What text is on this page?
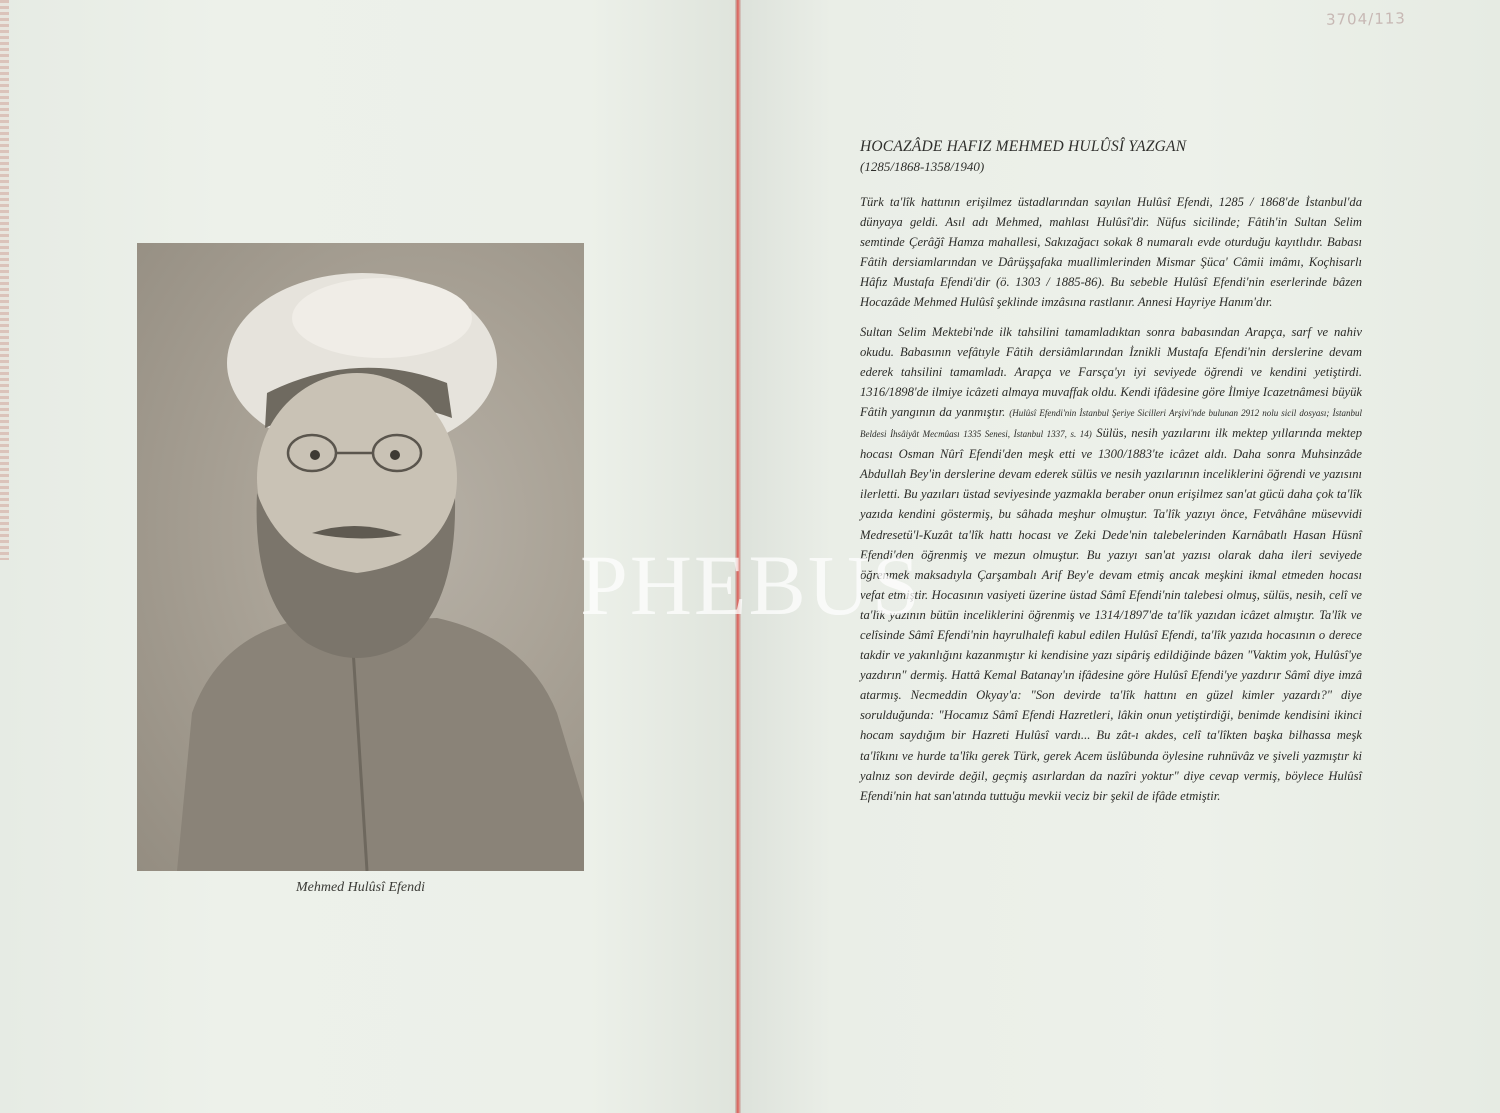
Mehmed Hulûsî Efendi
3704/113
HOCAZÂDE HAFIZ MEHMED HULÛSÎ YAZGAN
(1285/1868-1358/1940)

Türk ta'lîk hattının erişilmez üstadlarından sayılan Hulûsî Efendi, 1285 / 1868'de İstanbul'da dünyaya geldi. Asıl adı Mehmed, mahlası Hulûsî'dir. Nüfus sicilinde; Fâtih'in Sultan Selim semtinde Çerâğî Hamza mahallesi, Sakızağacı sokak 8 numaralı evde oturduğu kayıtlıdır. Babası Fâtih dersiamlarından ve Dârüşşafaka muallimlerinden Mismar Şüca' Câmii imâmı, Koçhisarlı Hâfız Mustafa Efendi'dir (ö. 1303 / 1885-86). Bu sebeble Hulûsî Efendi'nin eserlerinde bâzen Hocazâde Mehmed Hulûsî şeklinde imzâsına rastlanır. Annesi Hayriye Hanım'dır.

Sultan Selim Mektebi'nde ilk tahsilini tamamladıktan sonra babasından Arapça, sarf ve nahiv okudu. Babasının vefâtıyle Fâtih dersiâmlarından İznikli Mustafa Efendi'nin derslerine devam ederek tahsilini tamamladı. Arapça ve Farsça'yı iyi seviyede öğrendi ve kendini yetiştirdi. 1316/1898'de ilmiye icâzeti almaya muvaffak oldu. Kendi ifâdesine göre İlmiye Icazetnâmesi büyük Fâtih yangının da yanmıştır. (Hulûsî Efendi'nin İstanbul Şeriye Sicilleri Arşivi'nde bulunan 2912 nolu sicil dosyası; İstanbul Beldesi İhsâiyât Mecmûası 1335 Senesi, İstanbul 1337, s. 14) Sülüs, nesih yazılarını ilk mektep yıllarında mektep hocası Osman Nûrî Efendi'den meşk etti ve 1300/1883'te icâzet aldı. Daha sonra Muhsinzâde Abdullah Bey'in derslerine devam ederek sülüs ve nesih yazılarının inceliklerini öğrendi ve yazısını ilerletti. Bu yazıları üstad seviyesinde yazmakla beraber onun erişilmez san'at gücü daha çok ta'lîk yazıda kendini göstermiş, bu sâhada meşhur olmuştur. Ta'lîk yazıyı önce, Fetvâhâne müsevvidi Medresetü'l-Kuzât ta'lîk hattı hocası ve Zeki Dede'nin talebelerinden Karnâbatlı Hasan Hüsnî Efendi'den öğrenmiş ve mezun olmuştur. Bu yazıyı san'at yazısı olarak daha ileri seviyede öğrenmek maksadıyla Çarşambalı Arif Bey'e devam etmiş ancak meşkini ikmal etmeden hocası vefat etmiştir. Hocasının vasiyeti üzerine üstad Sâmî Efendi'nin talebesi olmuş, sülüs, nesih, celî ve ta'lîk yazının bütün inceliklerini öğrenmiş ve 1314/1897'de ta'lîk yazıdan icâzet almıştır. Ta'lîk ve celîsinde Sâmî Efendi'nin hayrulhalefi kabul edilen Hulûsî Efendi, ta'lîk yazıda hocasının o derece takdir ve yakınlığını kazanmıştır ki kendisine yazı sipâriş edildiğinde bâzen "Vaktim yok, Hulûsî'ye yazdırın" dermiş. Hattâ Kemal Batanay'ın ifâdesine göre Hulûsî Efendi'ye yazdırır Sâmî diye imzâ atarmış. Necmeddin Okyay'a: "Son devirde ta'lîk hattını en güzel kimler yazardı?" diye sorulduğunda: "Hocamız Sâmî Efendi Hazretleri, lâkin onun yetiştirdiği, benimde kendisini ikinci hocam saydığım bir Hazreti Hulûsî vardı... Bu zât-ı akdes, celî ta'lîkten başka bilhassa meşk ta'lîkını ve hurde ta'lîkı gerek Türk, gerek Acem üslûbunda öylesine ruhnüvâz ve şiveli yazmıştır ki yalnız son devirde değil, geçmiş asırlardan da nazîri yoktur" diye cevap vermiş, böylece Hulûsî Efendi'nin hat san'atında tuttuğu mevkii veciz bir şekil de ifâde etmiştir.

PHEBUS
